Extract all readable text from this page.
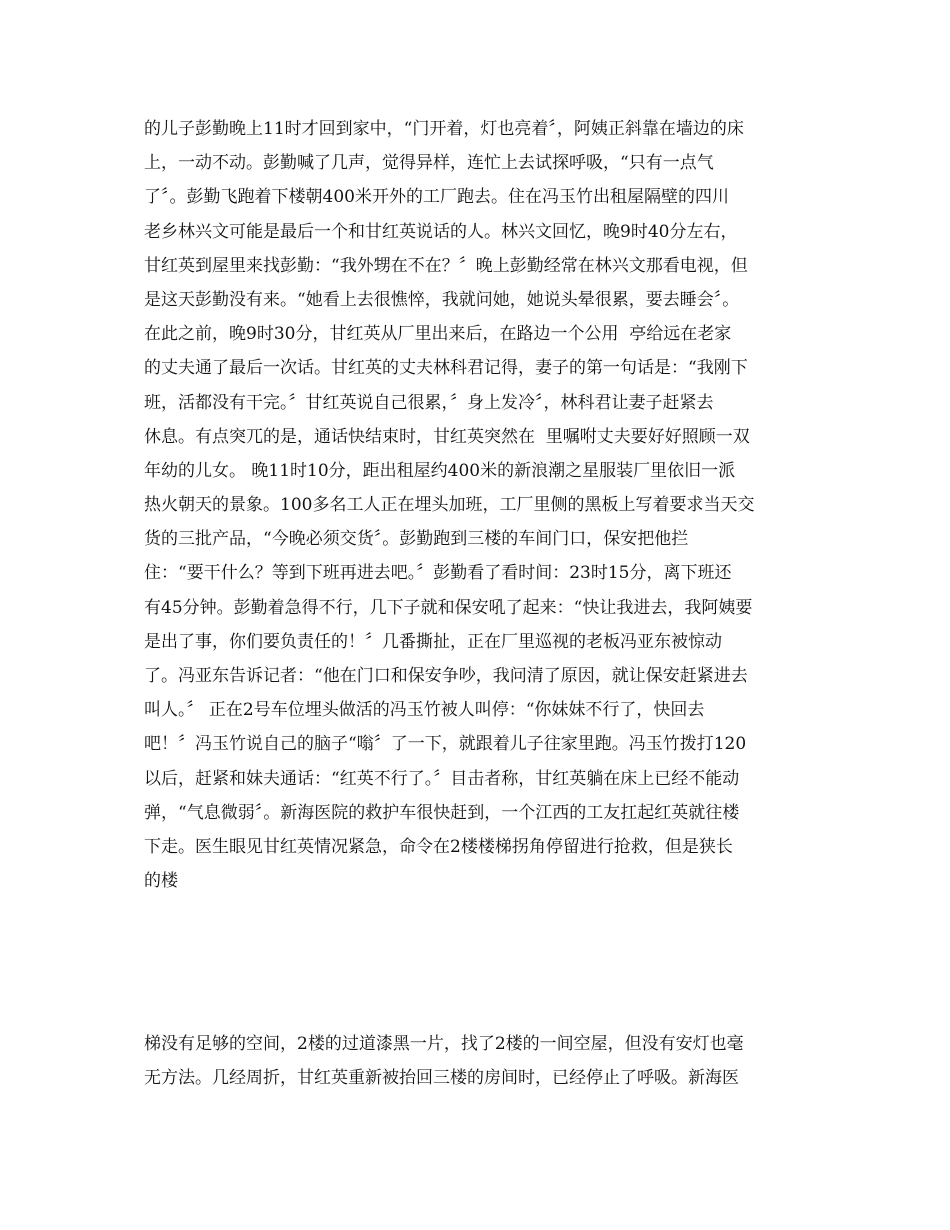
的儿子彭勤晚上11时才回到家中，“门开着，灯也亮着〞，阿姨正斜靠在墙边的床
上，一动不动。彭勤喊了几声，觉得异样，连忙上去试探呼吸，“只有一点气
了〞。彭勤飞跑着下楼朝400米开外的工厂跑去。住在冯玉竹出租屋隔壁的四川
老乡林兴文可能是最后一个和甘红英说话的人。林兴文回忆，晚9时40分左右，
甘红英到屋里来找彭勤：“我外甥在不在？〞晚上彭勤经常在林兴文那看电视，但
是这天彭勤没有来。“她看上去很憔悴，我就问她，她说头晕很累，要去睡会〞。
在此之前，晚9时30分，甘红英从厂里出来后，在路边一个公用  亭给远在老家
的丈夫通了最后一次话。甘红英的丈夫林科君记得，妻子的第一句话是：“我刚下
班，活都没有干完。〞甘红英说自己很累，〞身上发冷〞，林科君让妻子赶紧去
休息。有点突兀的是，通话快结束时，甘红英突然在  里嘱咐丈夫要好好照顾一双
年幼的儿女。 晚11时10分，距出租屋约400米的新浪潮之星服装厂里依旧一派
热火朝天的景象。100多名工人正在埋头加班，工厂里侧的黑板上写着要求当天交
货的三批产品，“今晚必须交货〞。彭勤跑到三楼的车间门口，保安把他拦
住：“要干什么？等到下班再进去吧。〞彭勤看了看时间：23时15分，离下班还
有45分钟。彭勤着急得不行，几下子就和保安吼了起来：“快让我进去，我阿姨要
是出了事，你们要负责任的！〞几番撕扯，正在厂里巡视的老板冯亚东被惊动
了。冯亚东告诉记者：“他在门口和保安争吵，我问清了原因，就让保安赶紧进去
叫人。〞 正在2号车位埋头做活的冯玉竹被人叫停：“你妹妹不行了，快回去
吧！〞冯玉竹说自己的脑子“嗡〞了一下，就跟着儿子往家里跑。冯玉竹拨打120
以后，赶紧和妹夫通话：“红英不行了。〞目击者称，甘红英躺在床上已经不能动
弹，“气息微弱〞。新海医院的救护车很快赶到，一个江西的工友扛起红英就往楼
下走。医生眼见甘红英情况紧急，命令在2楼楼梯拐角停留进行抢救，但是狭长
的楼
梯没有足够的空间，2楼的过道漆黑一片，找了2楼的一间空屋，但没有安灯也毫
无方法。几经周折，甘红英重新被抬回三楼的房间时，已经停止了呼吸。新海医
